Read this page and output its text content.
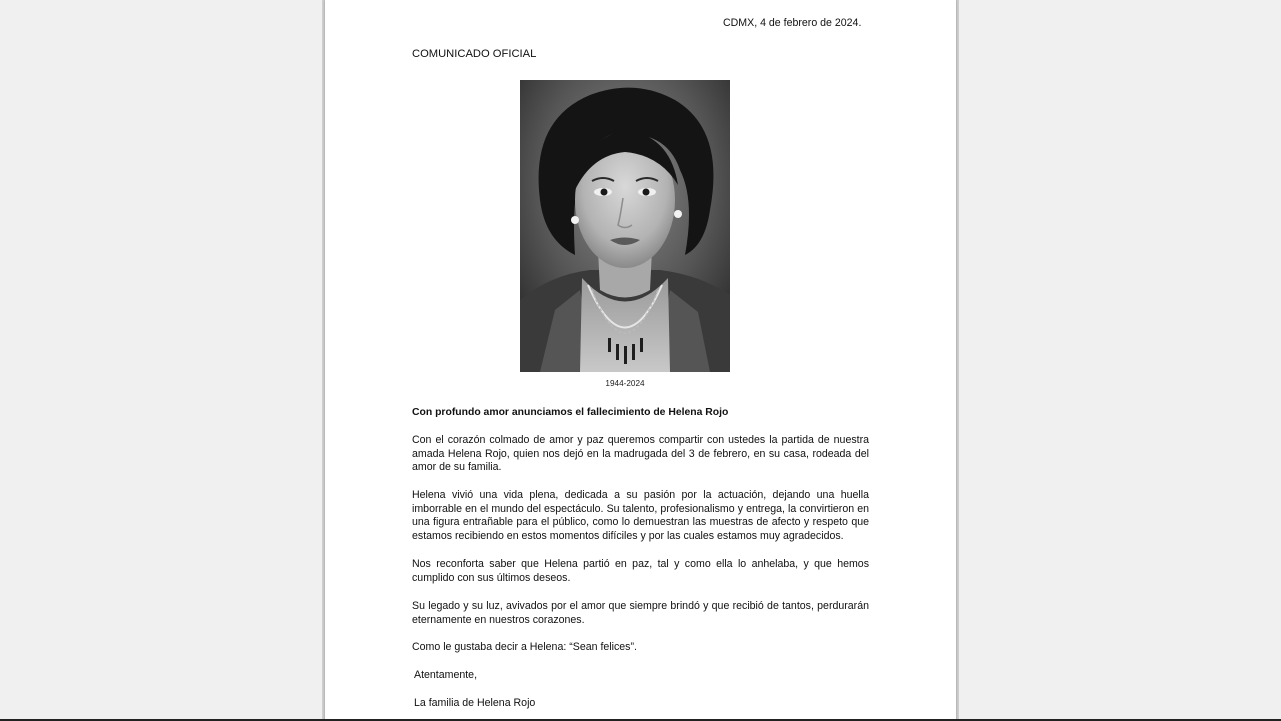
CDMX, 4 de febrero de 2024.
COMUNICADO OFICIAL
1944-2024
Con profundo amor anunciamos el fallecimiento de Helena Rojo
Con el corazón colmado de amor y paz queremos compartir con ustedes la partida de nuestra amada Helena Rojo, quien nos dejó en la madrugada del 3 de febrero, en su casa, rodeada del amor de su familia.
Helena vivió una vida plena, dedicada a su pasión por la actuación, dejando una huella imborrable en el mundo del espectáculo. Su talento, profesionalismo y entrega, la convirtieron en una figura entrañable para el público, como lo demuestran las muestras de afecto y respeto que estamos recibiendo en estos momentos difíciles y por las cuales estamos muy agradecidos.
Nos reconforta saber que Helena partió en paz, tal y como ella lo anhelaba, y que hemos cumplido con sus últimos deseos.
Su legado y su luz, avivados por el amor que siempre brindó y que recibió de tantos, perdurarán eternamente en nuestros corazones.
Como le gustaba decir a Helena: “Sean felices”.
Atentamente,
La familia de Helena Rojo
